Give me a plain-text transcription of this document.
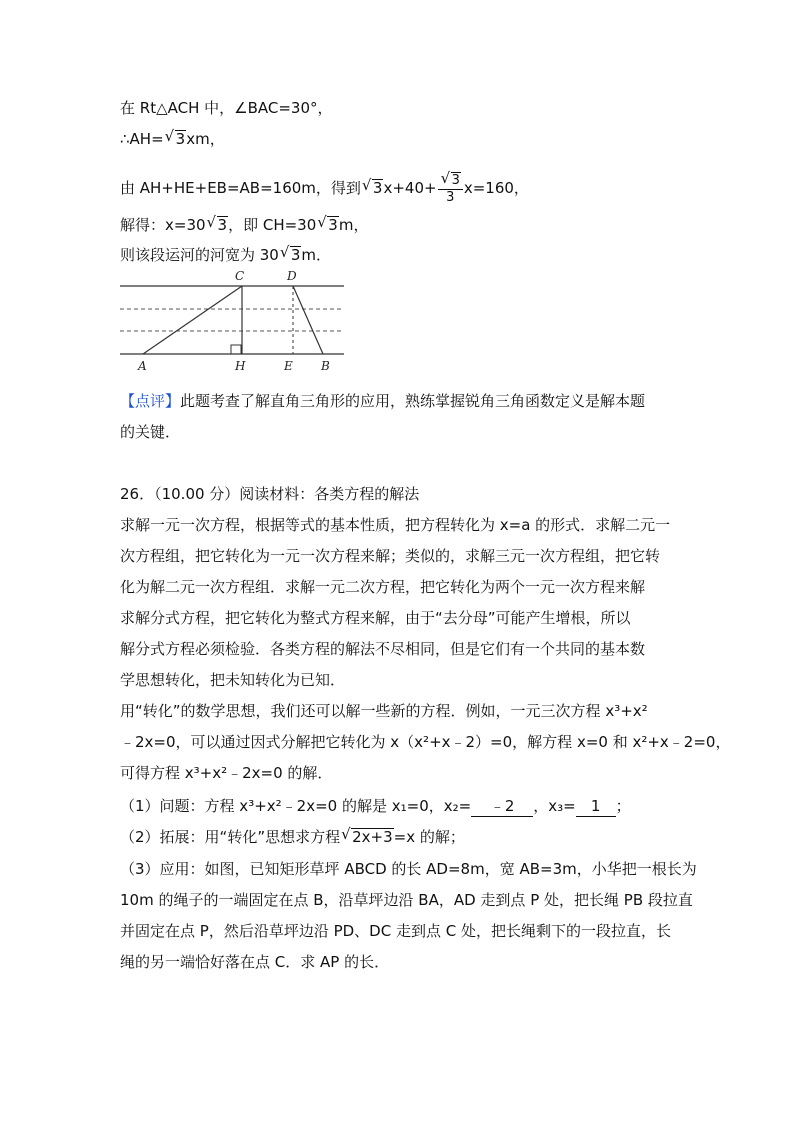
在 Rt△ACH 中，∠BAC=30°，
∴AH= √ 3xm，
由 AH+HE+EB=AB=160m，得到 √ 3x+40+ √ $\frac{3}{3} x=160$，
解得：x=30 √ 3，即 CH=30 √ 3m，
则该段运河的河宽为 30 √ 3m．
A	H	E B
C	D
【点评】此题考查了解直角三角形的应用，熟练掌握锐角三角函数定义是解本题
的关键．
26．（10.00 分）阅读材料：各类方程的解法
求解一元一次方程，根据等式的基本性质，把方程转化为 x=a 的形式．求解二元一
次方程组，把它转化为一元一次方程来解；类似的，求解三元一次方程组，把它转
化为解二元一次方程组．求解一元二次方程，把它转化为两个一元一次方程来解
求解分式方程，把它转化为整式方程来解，由于“去分母”可能产生增根，所以
解分式方程必须检验．各类方程的解法不尽相同，但是它们有一个共同的基本数
学思想转化，把未知转化为已知．
用“转化”的数学思想，我们还可以解一些新的方程．例如，一元三次方程 x³+x²
﹣2x=0，可以通过因式分解把它转化为 x（x²+x﹣2）=0，解方程 x=0 和 x²+x﹣2=0，
可得方程 x³+x²﹣2x=0 的解．
（1）问题：方程 x³+x²﹣2x=0 的解是 x₁=0，x₂= ﹣2 ，x₃= 1 ；
（2）拓展：用“转化”思想求方程 √ 2x+3=x 的解；
（3）应用：如图，已知矩形草坪 ABCD 的长 AD=8m，宽 AB=3m，小华把一根长为
10m 的绳子的一端固定在点 B，沿草坪边沿 BA，AD 走到点 P 处，把长绳 PB 段拉直
并固定在点 P，然后沿草坪边沿 PD、DC 走到点 C 处，把长绳剩下的一段拉直，长
绳的另一端恰好落在点 C．求 AP 的长．
